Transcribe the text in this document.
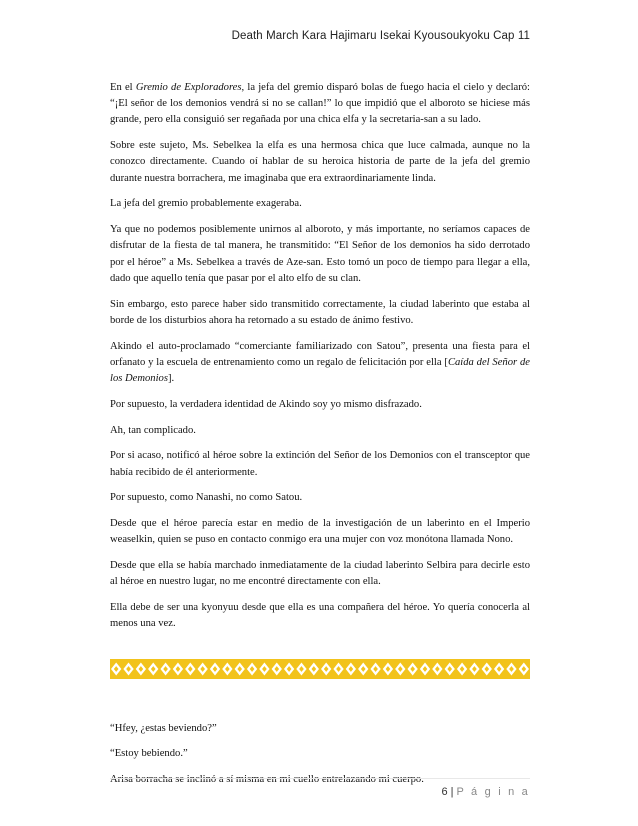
Death March Kara Hajimaru Isekai Kyousoukyoku Cap 11

En el Gremio de Exploradores, la jefa del gremio disparó bolas de fuego hacia el cielo y declaró: “¡El señor de los demonios vendrá si no se callan!” lo que impidió que el alboroto se hiciese más grande, pero ella consiguió ser regañada por una chica elfa y la secretaria-san a su lado.

Sobre este sujeto, Ms. Sebelkea la elfa es una hermosa chica que luce calmada, aunque no la conozco directamente. Cuando oí hablar de su heroica historia de parte de la jefa del gremio durante nuestra borrachera, me imaginaba que era extraordinariamente linda.

La jefa del gremio probablemente exageraba.

Ya que no podemos posiblemente unirnos al alboroto, y más importante, no seríamos capaces de disfrutar de la fiesta de tal manera, he transmitido: “El Señor de los demonios ha sido derrotado por el héroe” a Ms. Sebelkea a través de Aze-san. Esto tomó un poco de tiempo para llegar a ella, dado que aquello tenía que pasar por el alto elfo de su clan.

Sin embargo, esto parece haber sido transmitido correctamente, la ciudad laberinto que estaba al borde de los disturbios ahora ha retornado a su estado de ánimo festivo.

Akindo el auto-proclamado “comerciante familiarizado con Satou”, presenta una fiesta para el orfanato y la escuela de entrenamiento como un regalo de felicitación por ella [Caída del Señor de los Demonios].

Por supuesto, la verdadera identidad de Akindo soy yo mismo disfrazado.

Ah, tan complicado.

Por si acaso, notificó al héroe sobre la extinción del Señor de los Demonios con el transceptor que había recibido de él anteriormente.

Por supuesto, como Nanashi, no como Satou.

Desde que el héroe parecía estar en medio de la investigación de un laberinto en el Imperio weaselkin, quien se puso en contacto conmigo era una mujer con voz monótona llamada Nono.

Desde que ella se había marchado inmediatamente de la ciudad laberinto Selbira para decirle esto al héroe en nuestro lugar, no me encontré directamente con ella.

Ella debe de ser una kyonyuu desde que ella es una compañera del héroe. Yo quería conocerla al menos una vez.

“Hfey, ¿estas beviendo?”

“Estoy bebiendo.”

Arisa borracha se inclinó a sí misma en mi cuello entrelazando mi cuerpo.

6 | P á g i n a
